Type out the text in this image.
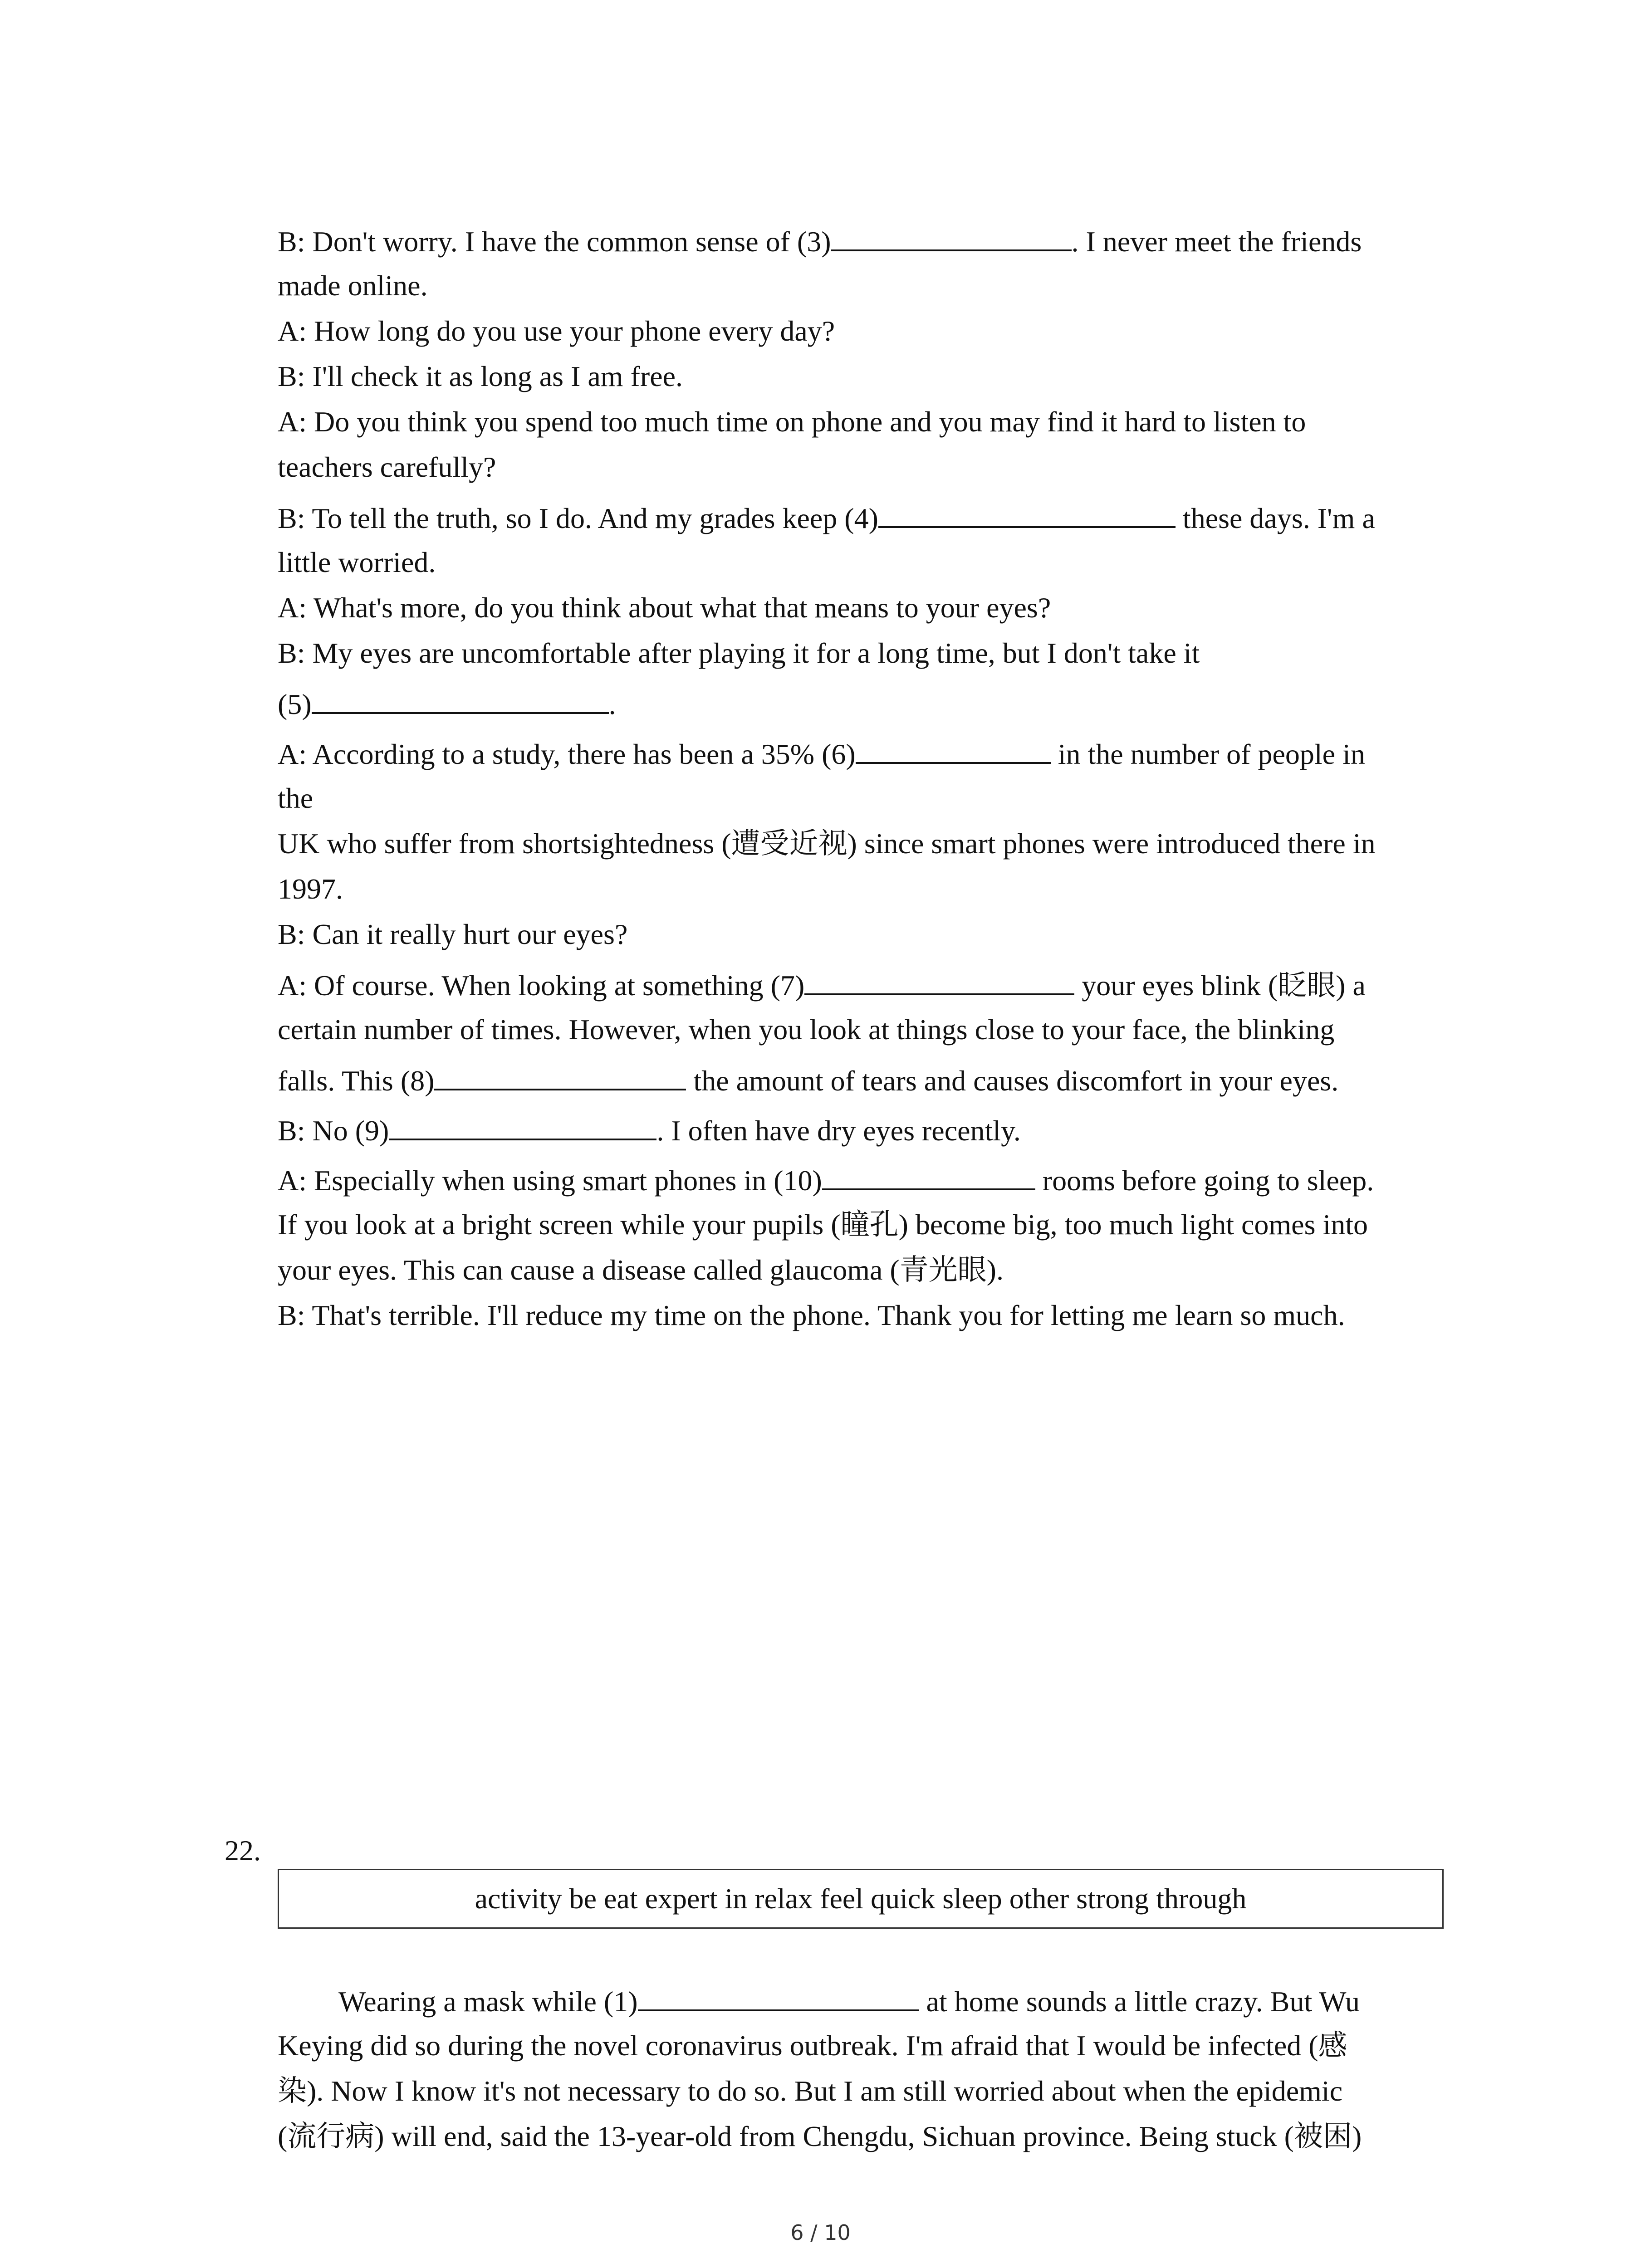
B: Don't worry. I have the common sense of (3)	. I never meet the friends
made online.
A: How long do you use your phone every day?
B: I'll check it as long as I am free.
A: Do you think you spend too much time on phone and you may find it hard to listen to
teachers carefully?
B: To tell the truth, so I do. And my grades keep (4)	these days. I'm a
little worried.
A: What's more, do you think about what that means to your eyes?
B: My eyes are uncomfortable after playing it for a long time, but I don't take it
(5)	.
A: According to a study, there has been a 35% (6)	in the number of people in
the
UK who suffer from shortsightedness (遭受近视) since smart phones were introduced there in
1997.
B: Can it really hurt our eyes?
A: Of course. When looking at something (7)	your eyes blink (眨眼) a
certain number of times. However, when you look at things close to your face, the blinking
falls. This (8)	the amount of tears and causes discomfort in your eyes.
B: No (9)	. I often have dry eyes recently.
A: Especially when using smart phones in (10)	rooms before going to sleep.
If you look at a bright screen while your pupils (瞳孔) become big, too much light comes into
your eyes. This can cause a disease called glaucoma (青光眼).
B: That's terrible. I'll reduce my time on the phone. Thank you for letting me learn so much.
22.
activity be eat expert in relax feel quick sleep other strong through
Wearing a mask while (1)	at home sounds a little crazy. But Wu
Keying did so during the novel coronavirus outbreak. I'm afraid that I would be infected (感
染). Now I know it's not necessary to do so. But I am still worried about when the epidemic
(流行病) will end, said the 13-year-old from Chengdu, Sichuan province. Being stuck (被困)
6 / 10
